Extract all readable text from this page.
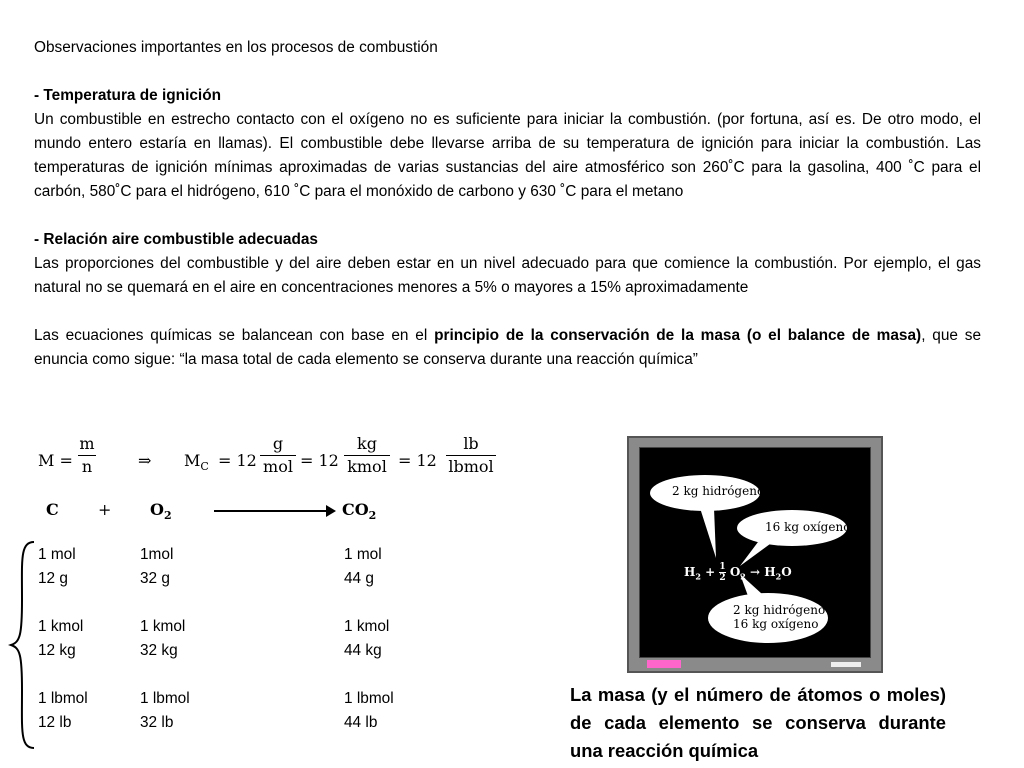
Observaciones importantes en los procesos de combustión

- Temperatura de ignición

Un combustible en estrecho contacto con el oxígeno no es suficiente para iniciar la combustión. (por fortuna, así es. De otro modo, el mundo entero estaría en llamas). El combustible debe llevarse arriba de su temperatura de ignición para iniciar la combustión. Las temperaturas de ignición mínimas aproximadas de varias sustancias del aire atmosférico son 260˚C para la gasolina, 400 ˚C para el carbón, 580˚C para el hidrógeno, 610 ˚C para el monóxido de carbono y 630 ˚C para el metano

- Relación aire combustible adecuadas

Las proporciones del combustible y del aire deben estar en un nivel adecuado para que comience la combustión. Por ejemplo, el gas natural no se quemará en el aire en concentraciones menores a 5% o mayores a 15% aproximadamente

Las ecuaciones químicas se balancean con base en el principio de la conservación de la masa (o el balance de masa), que se enuncia como sigue: “la masa total de cada elemento se conserva durante una reacción química”

M =
m
n	⇒ $M_C = 12$
g
mol = 12
kg
kmol = 12
lb
lbmol
$C + O_2$	$CO_2$
1 mol
12 g
1 kmol
12 kg
1 lbmol
12 lb
1mol
32 g
1 kmol
32 kg
1 lbmol
32 lb
1 mol
44 g
1 kmol
44 kg
1 lbmol
44 lb
2 kg hidrógeno
16 kg oxígeno
2 kg hidrógeno
16 kg oxígeno
$H_2 + \frac{1}{2} O_2 \to H_2O$
La masa (y el número de átomos o moles) de cada elemento se conserva durante una reacción química
